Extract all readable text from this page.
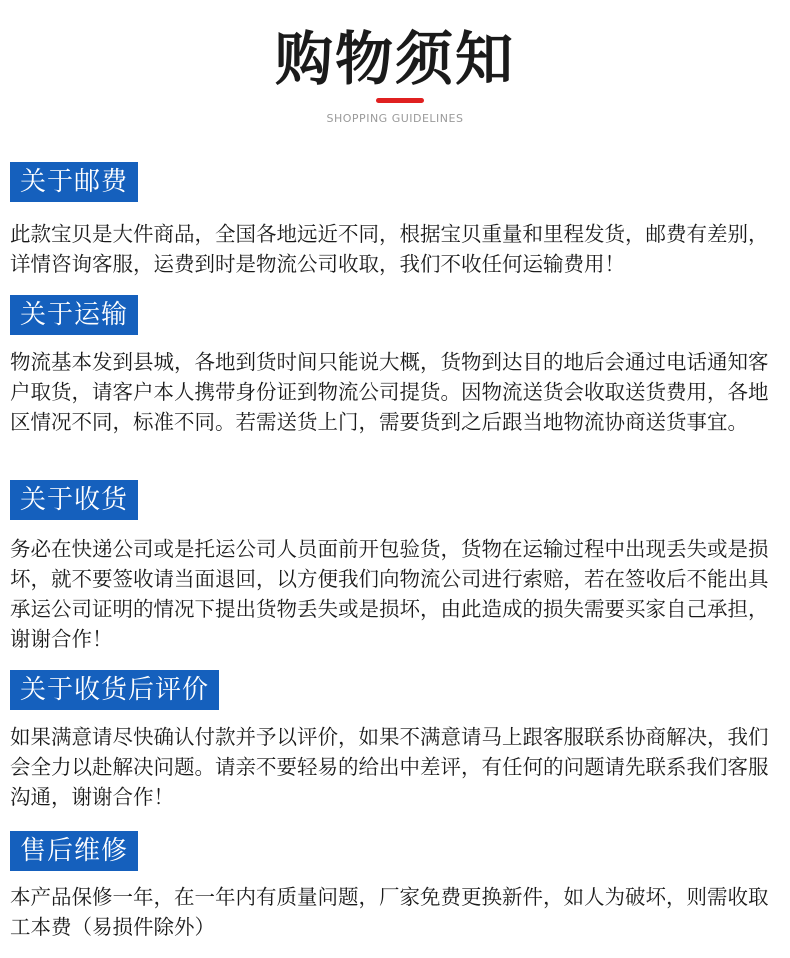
购物须知
SHOPPING GUIDELINES
关于邮费
此款宝贝是大件商品，全国各地远近不同，根据宝贝重量和里程发货，邮费有差别，详情咨询客服，运费到时是物流公司收取，我们不收任何运输费用！
关于运输
物流基本发到县城，各地到货时间只能说大概，货物到达目的地后会通过电话通知客户取货，请客户本人携带身份证到物流公司提货。因物流送货会收取送货费用，各地区情况不同，标准不同。若需送货上门，需要货到之后跟当地物流协商送货事宜。
关于收货
务必在快递公司或是托运公司人员面前开包验货，货物在运输过程中出现丢失或是损坏，就不要签收请当面退回，以方便我们向物流公司进行索赔，若在签收后不能出具承运公司证明的情况下提出货物丢失或是损坏，由此造成的损失需要买家自己承担，谢谢合作！
关于收货后评价
如果满意请尽快确认付款并予以评价，如果不满意请马上跟客服联系协商解决，我们会全力以赴解决问题。请亲不要轻易的给出中差评，有任何的问题请先联系我们客服沟通，谢谢合作！
售后维修
本产品保修一年，在一年内有质量问题，厂家免费更换新件，如人为破坏，则需收取工本费（易损件除外）
